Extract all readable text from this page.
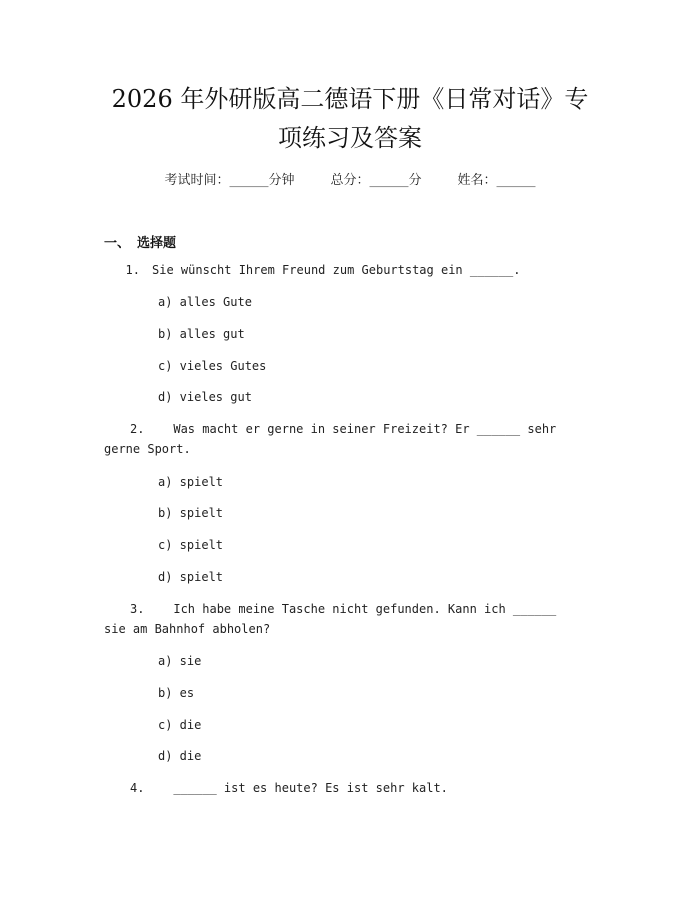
2026 年外研版高二德语下册《日常对话》专
项练习及答案
考试时间：______分钟	总分：______分	姓名：______
一、 选择题
1. Sie wünscht Ihrem Freund zum Geburtstag ein ______.
a) alles Gute
b) alles gut
c) vieles Gutes
d) vieles gut
2. Was macht er gerne in seiner Freizeit? Er ______ sehr gerne Sport.
a) spielt
b) spielt
c) spielt
d) spielt
3. Ich habe meine Tasche nicht gefunden. Kann ich ______ sie am Bahnhof abholen?
a) sie
b) es
c) die
d) die
4. ______ ist es heute? Es ist sehr kalt.
